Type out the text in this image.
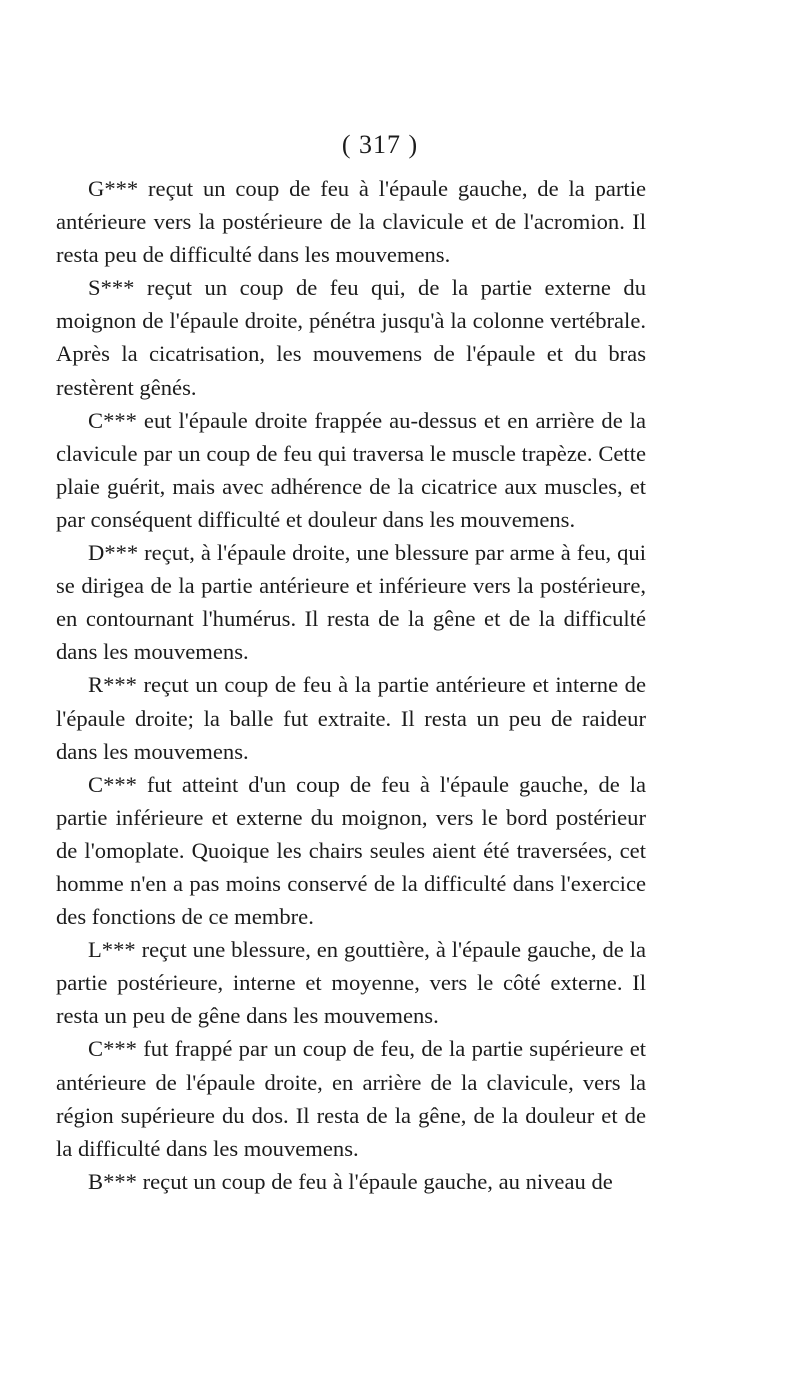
( 317 )

G*** reçut un coup de feu à l'épaule gauche, de la partie antérieure vers la postérieure de la clavicule et de l'acromion. Il resta peu de difficulté dans les mouvemens.

S*** reçut un coup de feu qui, de la partie externe du moignon de l'épaule droite, pénétra jusqu'à la colonne vertébrale. Après la cicatrisation, les mouvemens de l'épaule et du bras restèrent gênés.

C*** eut l'épaule droite frappée au-dessus et en arrière de la clavicule par un coup de feu qui traversa le muscle trapèze. Cette plaie guérit, mais avec adhérence de la cicatrice aux muscles, et par conséquent difficulté et douleur dans les mouvemens.

D*** reçut, à l'épaule droite, une blessure par arme à feu, qui se dirigea de la partie antérieure et inférieure vers la postérieure, en contournant l'humérus. Il resta de la gêne et de la difficulté dans les mouvemens.

R*** reçut un coup de feu à la partie antérieure et interne de l'épaule droite; la balle fut extraite. Il resta un peu de raideur dans les mouvemens.

C*** fut atteint d'un coup de feu à l'épaule gauche, de la partie inférieure et externe du moignon, vers le bord postérieur de l'omoplate. Quoique les chairs seules aient été traversées, cet homme n'en a pas moins conservé de la difficulté dans l'exercice des fonctions de ce membre.

L*** reçut une blessure, en gouttière, à l'épaule gauche, de la partie postérieure, interne et moyenne, vers le côté externe. Il resta un peu de gêne dans les mouvemens.

C*** fut frappé par un coup de feu, de la partie supérieure et antérieure de l'épaule droite, en arrière de la clavicule, vers la région supérieure du dos. Il resta de la gêne, de la douleur et de la difficulté dans les mouvemens.

B*** reçut un coup de feu à l'épaule gauche, au niveau de
